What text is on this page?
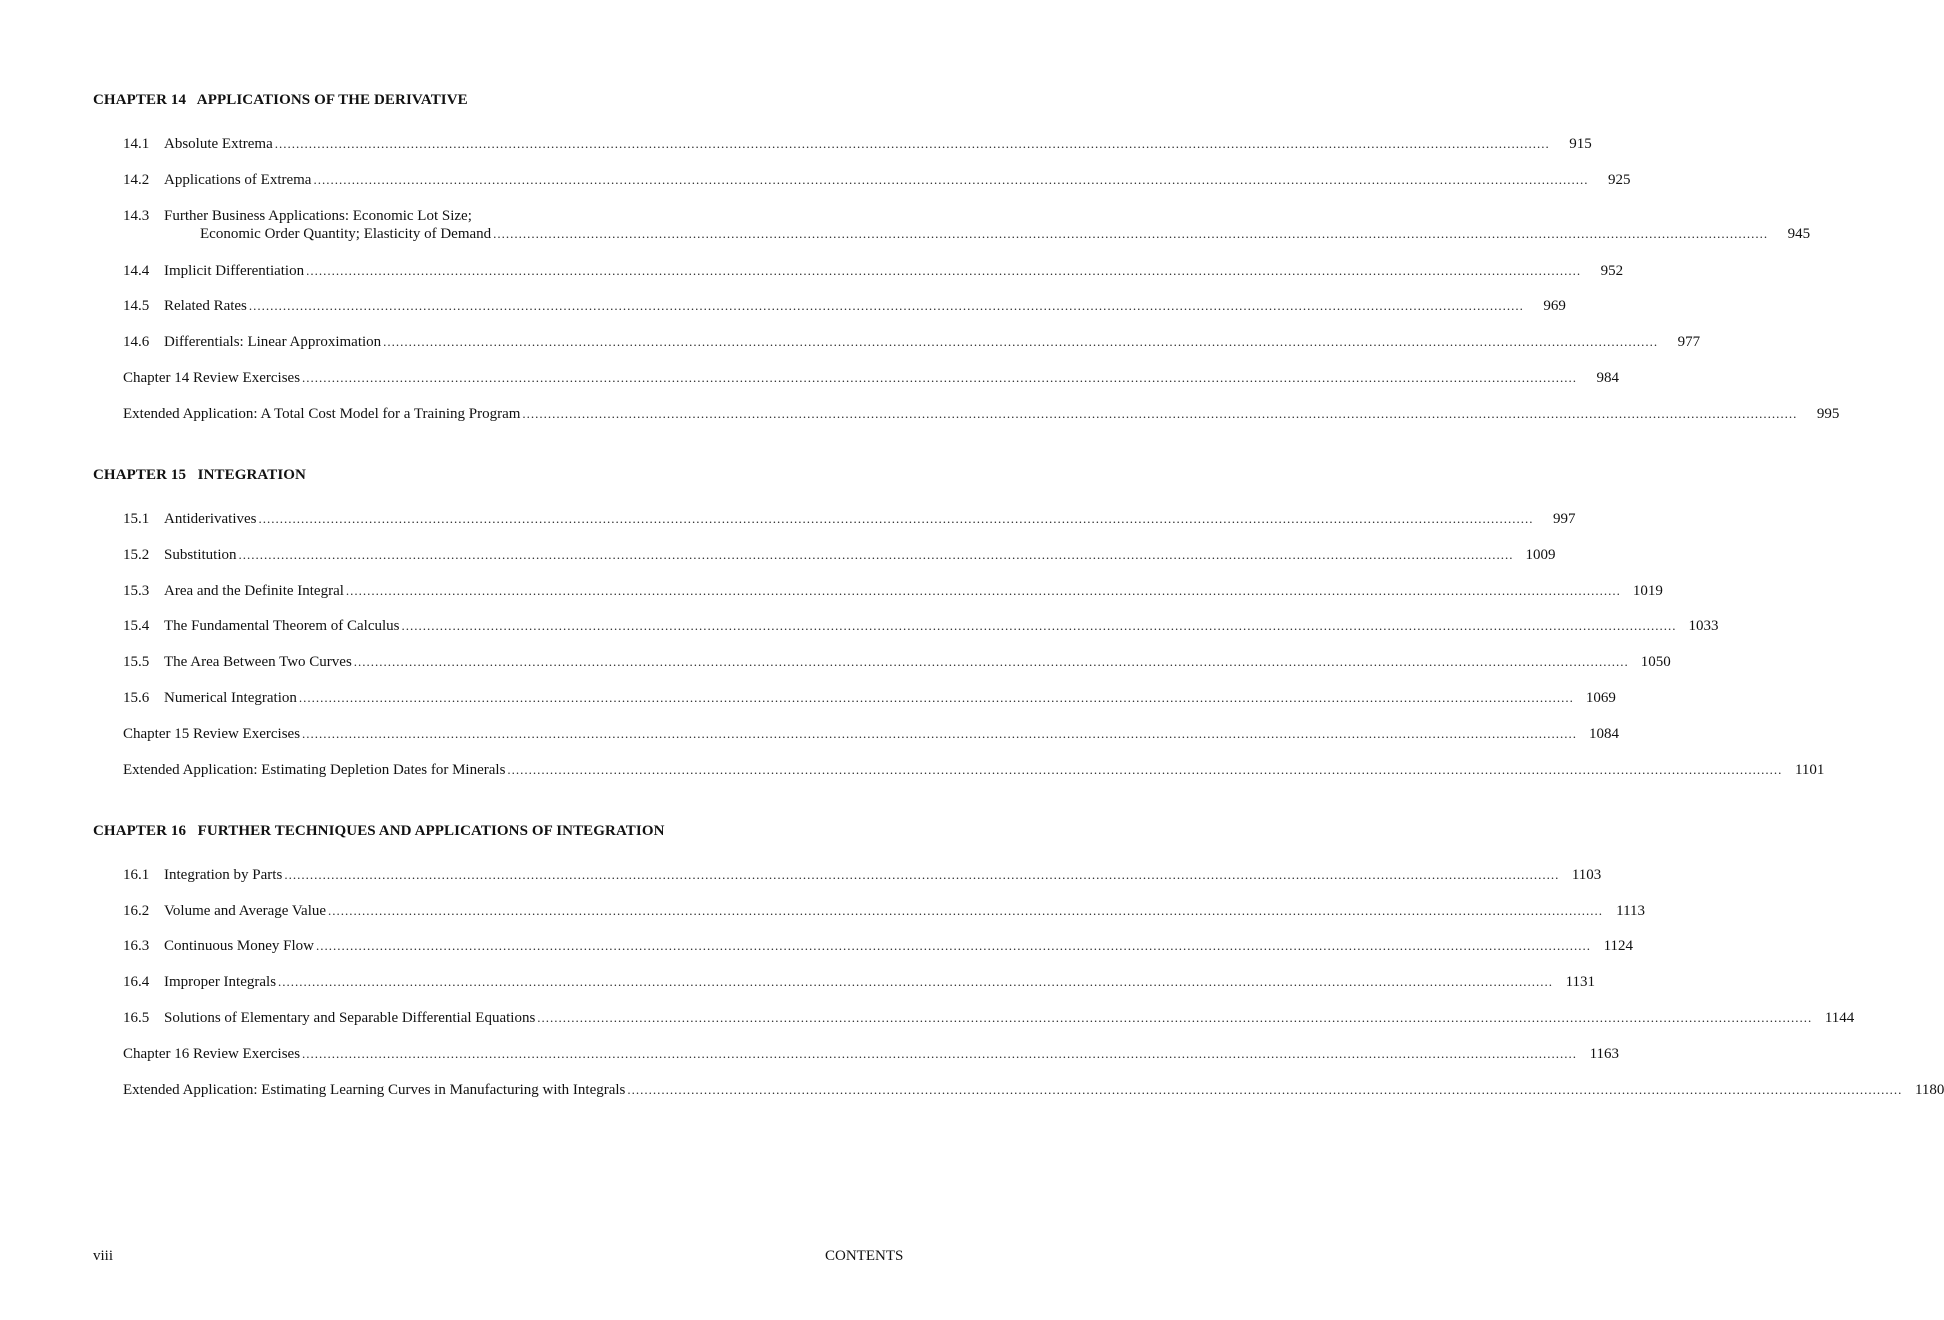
CHAPTER 14   APPLICATIONS OF THE DERIVATIVE
14.1 Absolute Extrema ............................................................................................................................................................................................................................................................................................................	915
14.2 Applications of Extrema ............................................................................................................................................................................................................................................................................................................	925
14.3 Further Business Applications: Economic Lot Size;
Economic Order Quantity; Elasticity of Demand ............................................................................................................................................................................................................................................................................................................	945
14.4 Implicit Differentiation ............................................................................................................................................................................................................................................................................................................	952
14.5 Related Rates ............................................................................................................................................................................................................................................................................................................	969
14.6 Differentials: Linear Approximation ............................................................................................................................................................................................................................................................................................................	977
Chapter 14 Review Exercises ............................................................................................................................................................................................................................................................................................................	984
Extended Application: A Total Cost Model for a Training Program ............................................................................................................................................................................................................................................................................................................	995
CHAPTER 15   INTEGRATION
15.1 Antiderivatives ............................................................................................................................................................................................................................................................................................................	997
15.2 Substitution ............................................................................................................................................................................................................................................................................................................ 1009
15.3 Area and the Definite Integral ............................................................................................................................................................................................................................................................................................................ 1019
15.4 The Fundamental Theorem of Calculus ............................................................................................................................................................................................................................................................................................................ 1033
15.5 The Area Between Two Curves ............................................................................................................................................................................................................................................................................................................ 1050
15.6 Numerical Integration ............................................................................................................................................................................................................................................................................................................ 1069
Chapter 15 Review Exercises ............................................................................................................................................................................................................................................................................................................ 1084
Extended Application: Estimating Depletion Dates for Minerals ............................................................................................................................................................................................................................................................................................................ 1101
CHAPTER 16   FURTHER TECHNIQUES AND APPLICATIONS OF INTEGRATION
16.1 Integration by Parts ............................................................................................................................................................................................................................................................................................................ 1103
16.2 Volume and Average Value ............................................................................................................................................................................................................................................................................................................ 1113
16.3 Continuous Money Flow ............................................................................................................................................................................................................................................................................................................ 1124
16.4 Improper Integrals ............................................................................................................................................................................................................................................................................................................ 1131
16.5 Solutions of Elementary and Separable Differential Equations ............................................................................................................................................................................................................................................................................................................ 1144
Chapter 16 Review Exercises ............................................................................................................................................................................................................................................................................................................ 1163
Extended Application: Estimating Learning Curves in Manufacturing with Integrals ............................................................................................................................................................................................................................................................................................................ 1180
viii	CONTENTS
